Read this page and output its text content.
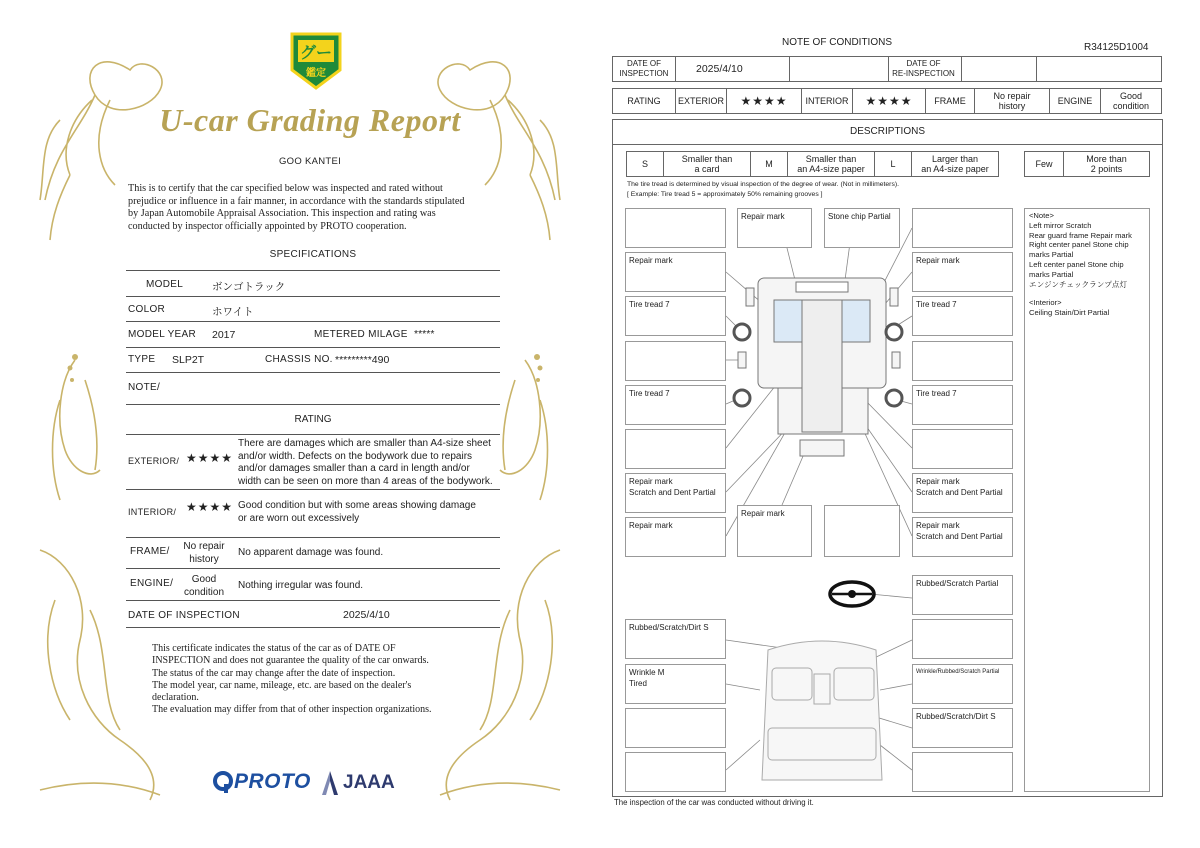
グー
鑑定
U-car Grading Report
GOO KANTEI
This is to certify that the car specified below was inspected and rated without
prejudice or influence in a fair manner, in accordance with the standards stipulated
by Japan Automobile Appraisal Association. This inspection and rating was
conducted by inspector officially appointed by PROTO cooperation.
SPECIFICATIONS
MODEL	ボンゴトラック
COLOR	ホワイト
MODEL YEAR 2017	METERED MILAGE *****
TYPE SLP2T	CHASSIS NO. *********490
NOTE/
RATING
EXTERIOR/ ★★★★
There are damages which are smaller than A4-size sheet
and/or width. Defects on the bodywork due to repairs
and/or damages smaller than a card in length and/or
width can be seen on more than 4 areas of the bodywork.
INTERIOR/ ★★★★ Good condition but with some areas showing damage
or are worn out excessively
FRAME/	No repair
history
No apparent damage was found.
ENGINE/	Good
condition
Nothing irregular was found.
DATE OF INSPECTION	2025/4/10
This certificate indicates the status of the car as of DATE OF
INSPECTION and does not guarantee the quality of the car onwards.
The status of the car may change after the date of inspection.
The model year, car name, mileage, etc. are based on the dealer's
declaration.
The evaluation may differ from that of other inspection organizations.
PROTO JAAA
NOTE OF CONDITIONS	R34125D1004
DATE OF
INSPECTION	2025/4/10	DATE OF
RE-INSPECTION
RATING	EXTERIOR	★★★★	INTERIOR	★★★★	FRAME	No repair
history	ENGINE	Good
condition
DESCRIPTIONS
S	Smaller than
a card	M	Smaller than
an A4-size paper	L	Larger than
an A4-size paper	Few	More than
2 points
The tire tread is determined by visual inspection of the degree of wear. (Not in millimeters).
[ Example: Tire tread 5 = approximately 50% remaining grooves ]
Repair mark
Tire tread 7
Tire tread 7
Repair mark
Scratch and Dent Partial
Repair mark
Repair mark	Stone chip Partial
Repair mark
Repair mark
Tire tread 7
Tire tread 7
Repair mark
Scratch and Dent Partial
Repair mark
Scratch and Dent Partial
Rubbed/Scratch Partial
Wrinkle/Rubbed/Scratch Partial
Rubbed/Scratch/Dirt S
Rubbed/Scratch/Dirt S
Wrinkle M
Tired
<Note>
Left mirror Scratch
Rear guard frame Repair mark
Right center panel Stone chip
marks Partial
Left center panel Stone chip
marks Partial
エンジンチェックランプ点灯
<Interior>
Ceiling Stain/Dirt Partial
The inspection of the car was conducted without driving it.
